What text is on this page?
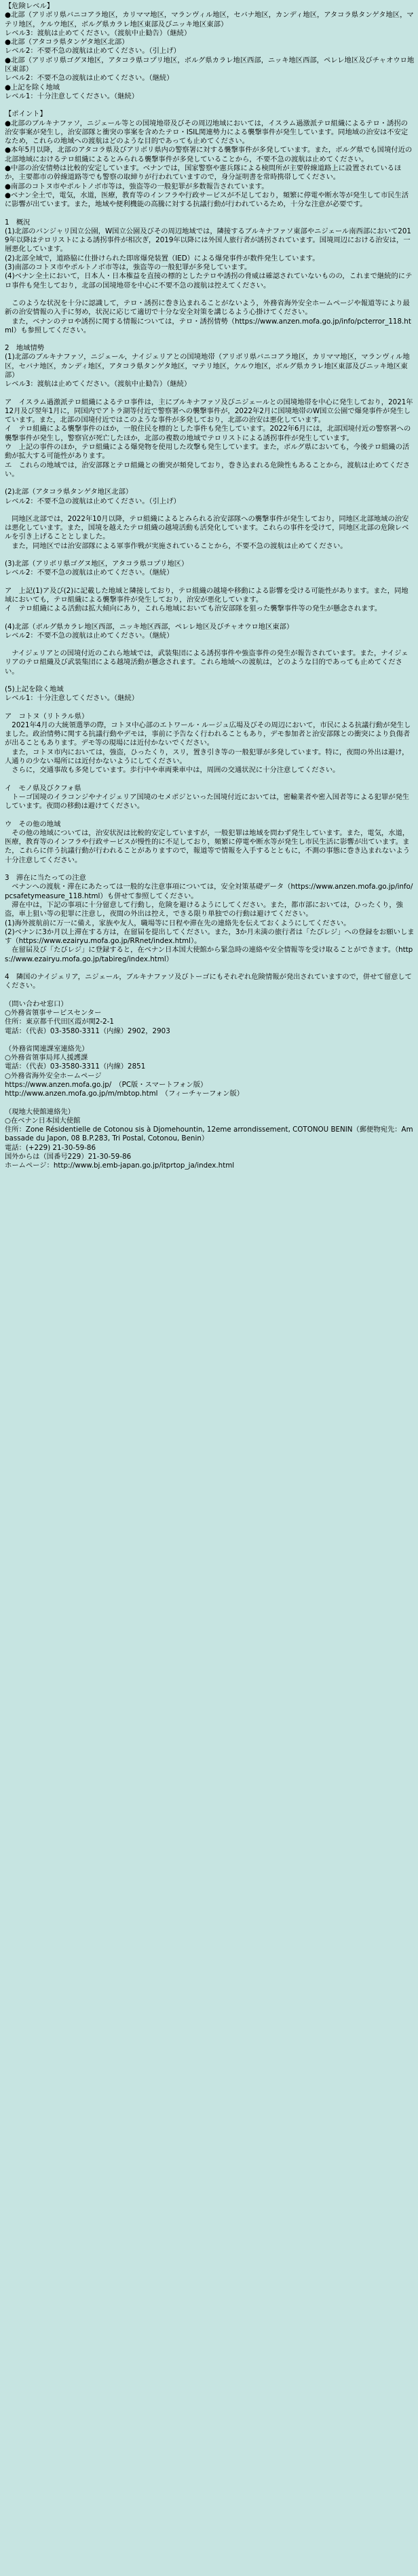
【危険レベル】
●北部（アリボリ県バニコアラ地区，カリママ地区，マランヴィル地区，セバナ地区，カンディ地区，アタコラ県タンゲタ地区，マテリ地区，ケルウ地区，ボルグ県カラレ地区東部及びニッキ地区東部）
レベル3：渡航は止めてください。（渡航中止勧告）（継続）
●北部（アタコラ県タンゲタ地区北部）
レベル2：不要不急の渡航は止めてください。（引上げ）
●北部（アリボリ県ゴグヌ地区，アタコラ県コプリ地区，ボルグ県カラレ地区西部，ニッキ地区西部，ペレレ地区及びチャオウロ地区東部）
レベル2：不要不急の渡航は止めてください。（継続）
●上記を除く地域
レベル1：十分注意してください。（継続）
【ポイント】
●北部のブルキナファソ，ニジェール等との国境地帯及びその周辺地域においては，イスラム過激派テロ組織によるテロ・誘拐の治安事案が発生し，治安部隊と衝突の事案を含めたテロ・ISIL関連勢力による襲撃事件が発生しています。同地域の治安は不安定なため，これらの地域への渡航はどのような目的であっても止めてください。
●本年5月以降，北部のアタコラ県及びアリボリ県内の警察署に対する襲撃事件が多発しています。また，ボルグ県でも国境付近の北部地域におけるテロ組織によるとみられる襲撃事件が多発していることから，不要不急の渡航は止めてください。
●中部の治安情勢は比較的安定しています。ベナンでは，国家警察や憲兵隊による検問所が主要幹線道路上に設置されているほか，主要都市の幹線道路等でも警察の取締りが行われていますので，身分証明書を常時携帯してください。
●南部のコトヌ市やポルトノボ市等は，強盗等の一般犯罪が多数報告されています。
●ベナン全土で，電気，水道，医療，教育等のインフラや行政サービスが不足しており，頻繁に停電や断水等が発生して市民生活に影響が出ています。また，地域や便利機能の高騰に対する抗議行動が行われているため，十分な注意が必要です。
1　概況
(1)北部のバンジャリ国立公園，W国立公園及びその周辺地域では，隣接するブルキナファソ東部やニジェール南西部において2019年以降はテロリストによる誘拐事件が相次ぎ，2019年以降には外国人旅行者が誘拐されています。国境周辺における治安は，一層悪化しています。
(2)北部全域で，道路脇に仕掛けられた即席爆発装置（IED）による爆発事件が数件発生しています。
(3)南部のコトヌ市やポルトノボ市等は，強盗等の一般犯罪が多発しています。
(4)ベナン全土において，日本人・日本権益を直接の標的としたテロや誘拐の脅威は確認されていないものの，これまで継続的にテロ事件も発生しており，北部の国境地帯を中心に不要不急の渡航は控えてください。
　このような状況を十分に認識して，テロ・誘拐に巻き込まれることがないよう，外務省海外安全ホームページや報道等により最新の治安情報の入手に努め，状況に応じて適切で十分な安全対策を講じるよう心掛けてください。
　また，ベナンのテロや誘拐に関する情報については，テロ・誘拐情勢（https://www.anzen.mofa.go.jp/info/pcterror_118.html）も参照してください。
2　地域情勢
(1)北部のブルキナファソ，ニジェール，ナイジェリアとの国境地帯（アリボリ県バニコアラ地区，カリママ地区，マランヴィル地区，セバナ地区，カンディ地区，アタコラ県タンゲタ地区，マテリ地区，ケルウ地区，ボルグ県カラレ地区東部及びニッキ地区東部）
レベル3：渡航は止めてください。（渡航中止勧告）（継続）
ア　イスラム過激派テロ組織によるテロ事件は，主にブルキナファソ及びニジェールとの国境地帯を中心に発生しており，2021年12月及び翌年1月に，同国内でアトラ湖等付近で警察署への襲撃事件が，2022年2月に国境地帯のW国立公園で爆発事件が発生しています。また，北部の国境付近ではこのような事件が多発しており，北部の治安は悪化しています。
イ　テロ組織による襲撃事件のほか，一般住民を標的とした事件も発生しています。2022年6月には，北部国境付近の警察署への襲撃事件が発生し，警察官が死亡したほか，北部の複数の地域でテロリストによる誘拐事件が発生しています。
ウ　上記の事件のほか，テロ組織による爆発物を使用した攻撃も発生しています。また，ボルグ県においても，今後テロ組織の活動が拡大する可能性があります。
エ　これらの地域では，治安部隊とテロ組織との衝突が頻発しており，巻き込まれる危険性もあることから，渡航は止めてください。
(2)北部（アタコラ県タンゲタ地区北部）
レベル2：不要不急の渡航は止めてください。（引上げ）
　同地区北部では，2022年10月以降，テロ組織によるとみられる治安部隊への襲撃事件が発生しており，同地区北部地域の治安は悪化しています。また，国境を越えたテロ組織の越境活動も活発化しています。これらの事件を受けて，同地区北部の危険レベルを引き上げることとしました。
　また，同地区では治安部隊による軍事作戦が実施されていることから，不要不急の渡航は止めてください。
(3)北部（アリボリ県ゴグヌ地区，アタコラ県コプリ地区）
レベル2：不要不急の渡航は止めてください。（継続）
ア　上記(1)ア及び(2)に記載した地域と隣接しており，テロ組織の越境や移動による影響を受ける可能性があります。また，同地域においても，テロ組織による襲撃事件が発生しており，治安が悪化しています。
イ　テロ組織による活動は拡大傾向にあり，これら地域においても治安部隊を狙った襲撃事件等の発生が懸念されます。
(4)北部（ボルグ県カラレ地区西部，ニッキ地区西部，ペレレ地区及びチャオウロ地区東部）
レベル2：不要不急の渡航は止めてください。（継続）
　ナイジェリアとの国境付近のこれら地域では，武装集団による誘拐事件や強盗事件の発生が報告されています。また，ナイジェリアのテロ組織及び武装集団による越境活動が懸念されます。これら地域への渡航は，どのような目的であっても止めてください。
(5)上記を除く地域
レベル1：十分注意してください。（継続）
ア　コトヌ（リトラル県）
　2021年4月の大統領選挙の際，コトヌ中心部のエトワール・ルージュ広場及びその周辺において，市民による抗議行動が発生しました。政治情勢に関する抗議行動やデモは，事前に予告なく行われることもあり，デモ参加者と治安部隊との衝突により負傷者が出ることもあります。デモ等の現場には近付かないでください。
　また，コトヌ市内においては，強盗，ひったくり，スリ，置き引き等の一般犯罪が多発しています。特に，夜間の外出は避け，人通りの少ない場所には近付かないようにしてください。
　さらに，交通事故も多発しています。歩行中や車両乗車中は，周囲の交通状況に十分注意してください。
イ　モノ県及びクフォ県
　トーゴ国境のイラコンジやナイジェリア国境のセメポジといった国境付近においては，密輸業者や密入国者等による犯罪が発生しています。夜間の移動は避けてください。
ウ　その他の地域
　その他の地域については，治安状況は比較的安定していますが，一般犯罪は地域を問わず発生しています。また，電気，水道，医療，教育等のインフラや行政サービスが慢性的に不足しており，頻繁に停電や断水等が発生し市民生活に影響が出ています。また，これらに伴う抗議行動が行われることがありますので，報道等で情報を入手するとともに，不測の事態に巻き込まれないよう十分注意してください。
3　滞在に当たっての注意
　ベナンへの渡航・滞在にあたっては一般的な注意事項については，安全対策基礎データ（https://www.anzen.mofa.go.jp/info/pcsafetymeasure_118.html）も併せて参照してください。
　滞在中は，下記の事項に十分留意して行動し，危険を避けるようにしてください。また，都市部においては，ひったくり，強盗，車上狙い等の犯罪に注意し，夜間の外出は控え，できる限り単独での行動は避けてください。
(1)海外渡航前に万一に備え，家族や友人，職場等に日程や滞在先の連絡先を伝えておくようにしてください。
(2)ベナンに3か月以上滞在する方は，在留届を提出してください。また，3か月未満の旅行者は「たびレジ」への登録をお願いします（https://www.ezairyu.mofa.go.jp/RRnet/index.html）。
　在留届及び「たびレジ」に登録すると，在ベナン日本国大使館から緊急時の連絡や安全情報等を受け取ることができます。（https://www.ezairyu.mofa.go.jp/tabireg/index.html）
4　隣国のナイジェリア，ニジェール，ブルキナファソ及びトーゴにもそれぞれ危険情報が発出されていますので，併せて留意してください。
（問い合わせ窓口）
○外務省領事サービスセンター
住所：東京都千代田区霞が関2-2-1
電話：（代表）03-3580-3311（内線）2902，2903
（外務省関連課室連絡先）
○外務省領事局邦人援護課
電話：（代表）03-3580-3311（内線）2851
○外務省海外安全ホームページ
https://www.anzen.mofa.go.jp/　（PC版・スマートフォン版）
http://www.anzen.mofa.go.jp/m/mbtop.html　（フィーチャーフォン版）
（現地大使館連絡先）
○在ベナン日本国大使館
住所：Zone Résidentielle de Cotonou sis à Djomehountin, 12eme arrondissement, COTONOU BENIN（郵便物宛先：Ambassade du Japon, 08 B.P.283, Tri Postal, Cotonou, Benin）
電話：(+229) 21-30-59-86
国外からは（国番号229）21-30-59-86
ホームページ：http://www.bj.emb-japan.go.jp/itprtop_ja/index.html
